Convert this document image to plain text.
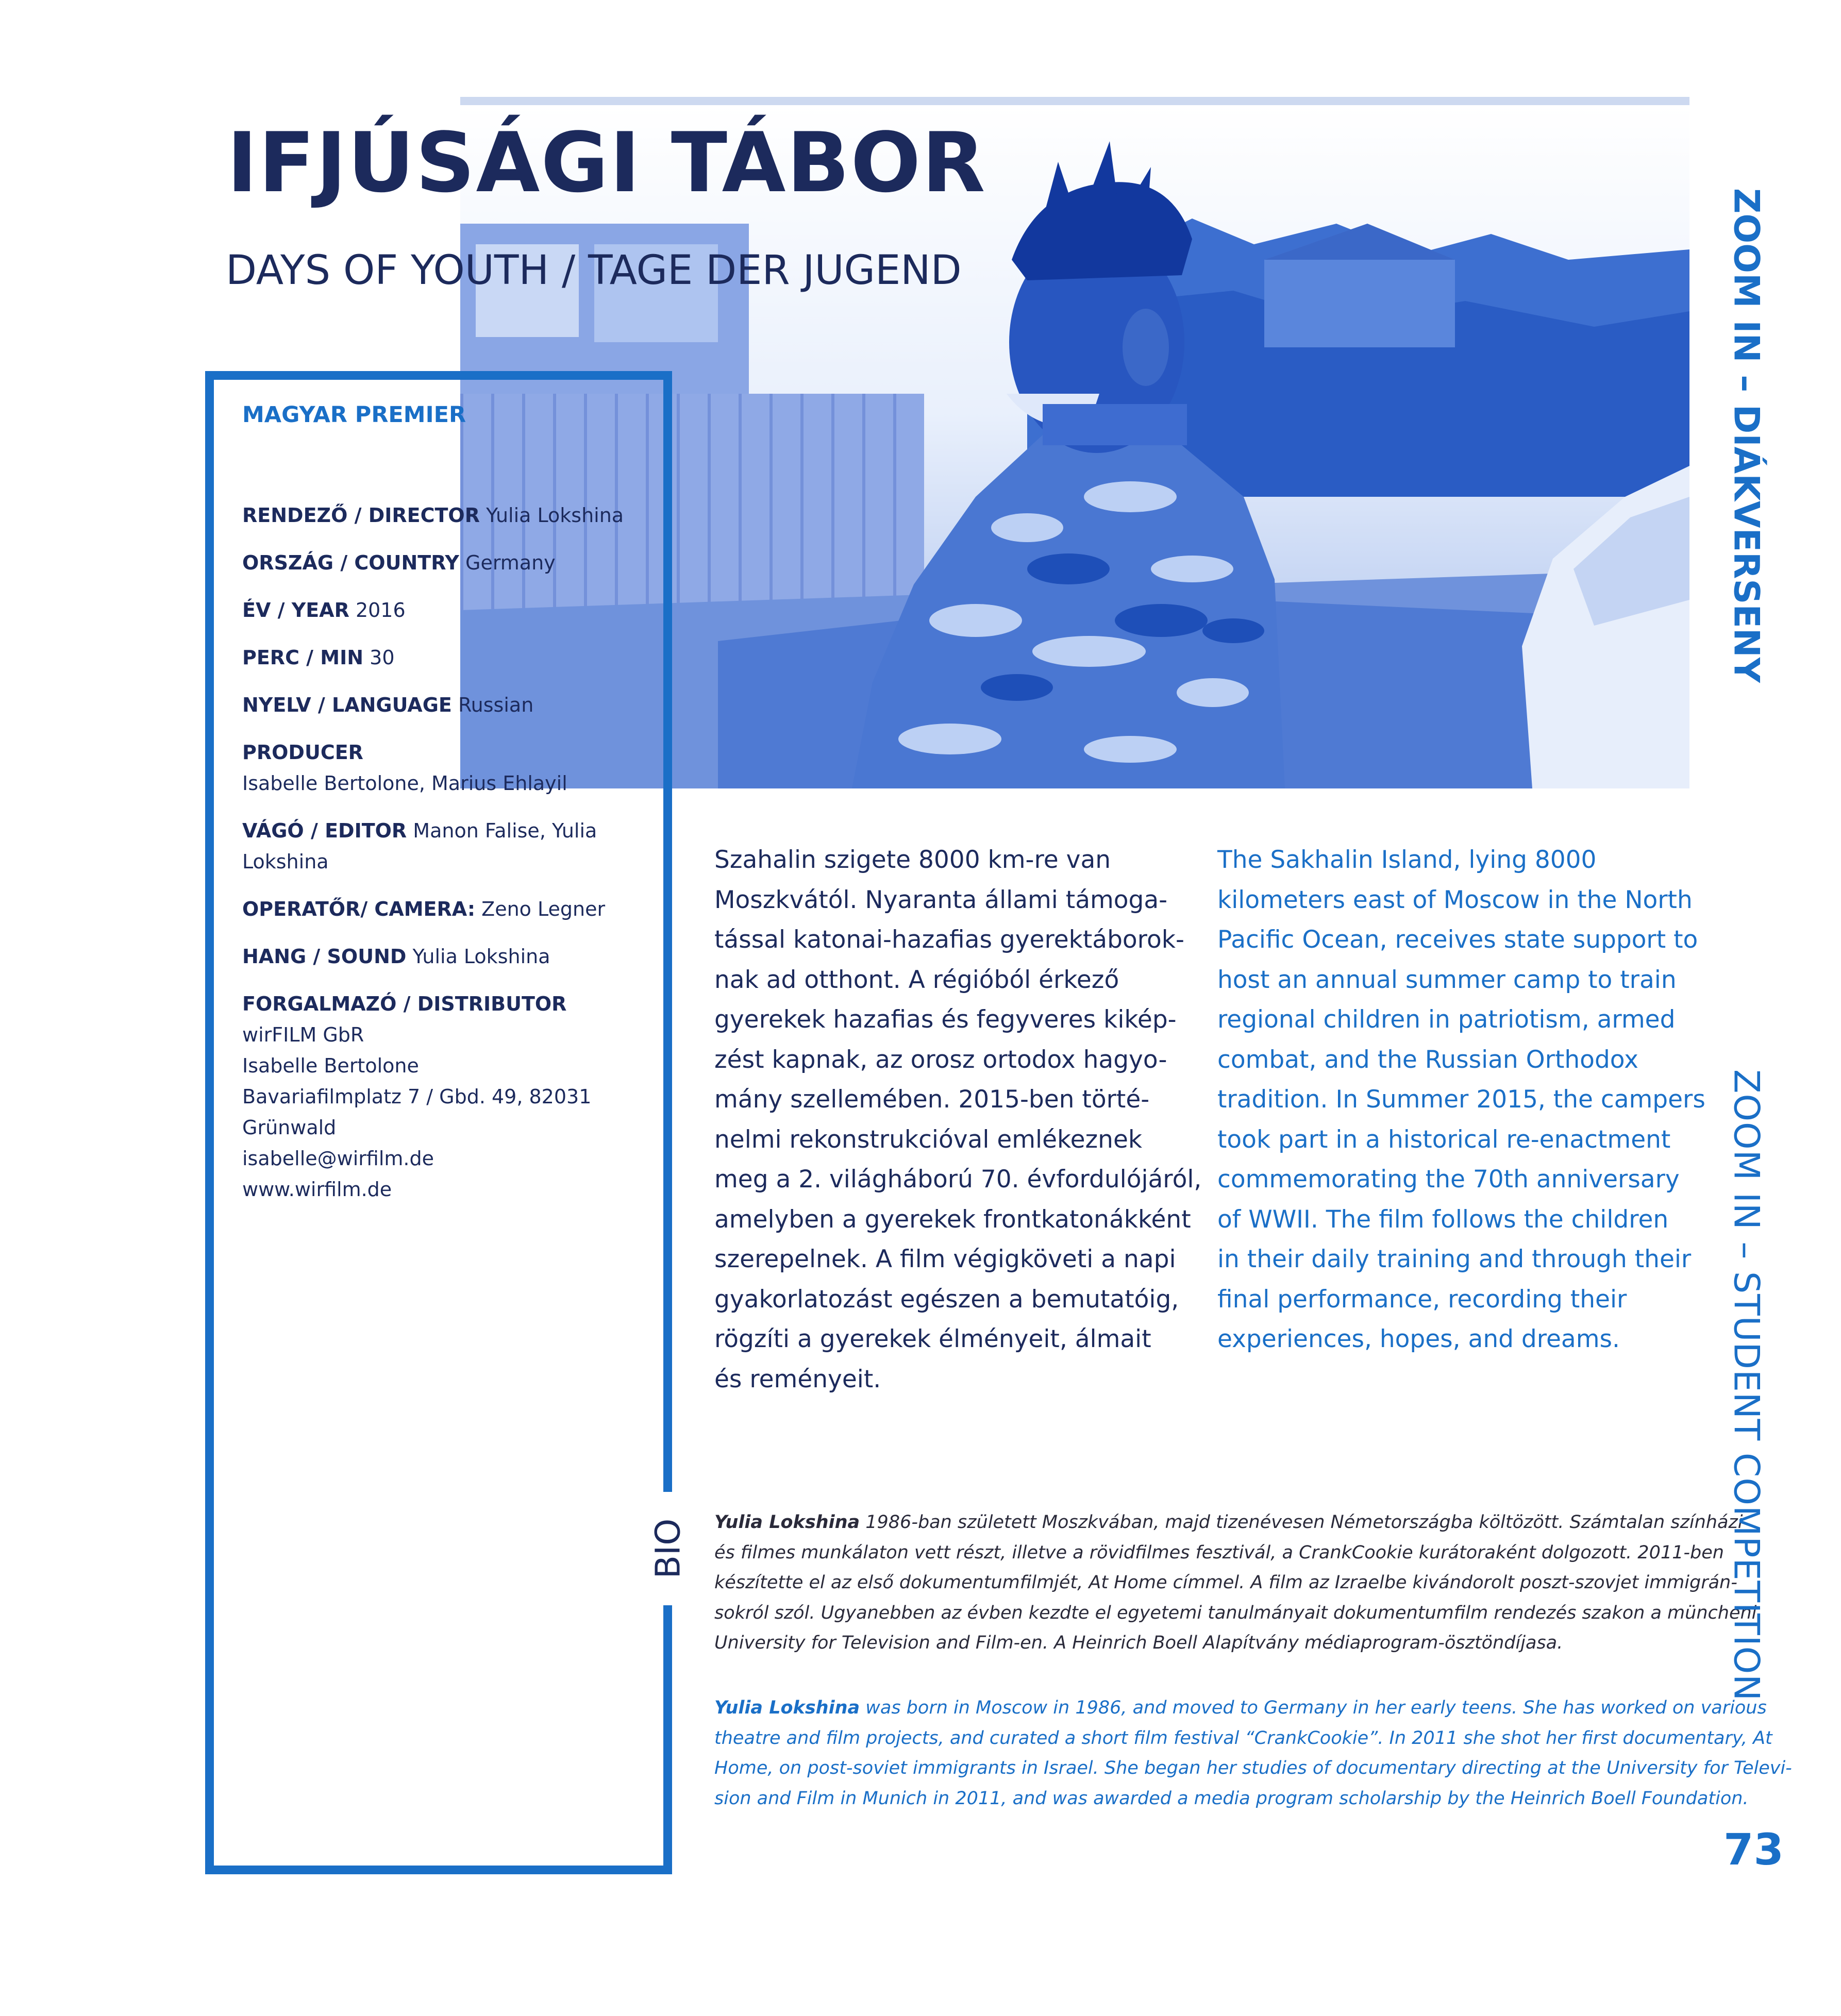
IFJÚSÁGI TÁBOR
DAYS OF YOUTH / TAGE DER JUGEND
BIO
MAGYAR PREMIER

RENDEZŐ / DIRECTOR Yulia Lokshina

ORSZÁG / COUNTRY Germany

ÉV / YEAR 2016

PERC / MIN 30

NYELV / LANGUAGE Russian

PRODUCER
Isabelle Bertolone, Marius Ehlayil

VÁGÓ / EDITOR Manon Falise, Yulia Lokshina

OPERATŐR/ CAMERA: Zeno Legner

HANG / SOUND Yulia Lokshina

FORGALMAZÓ / DISTRIBUTOR
wirFILM GbR
Isabelle Bertolone
Bavariafilmplatz 7 / Gbd. 49, 82031
Grünwald
isabelle@wirfilm.de
www.wirfilm.de

Szahalin szigete 8000 km-re van
Moszkvától. Nyaranta állami támoga-
tással katonai-hazafias gyerektáborok-
nak ad otthont. A régióból érkező
gyerekek hazafias és fegyveres kikép-
zést kapnak, az orosz ortodox hagyo-
mány szellemében. 2015-ben törté-
nelmi rekonstrukcióval emlékeznek
meg a 2. világháború 70. évfordulójáról,
amelyben a gyerekek frontkatonákként
szerepelnek. A film végigköveti a napi
gyakorlatozást egészen a bemutatóig,
rögzíti a gyerekek élményeit, álmait
és reményeit.
The Sakhalin Island, lying 8000
kilometers east of Moscow in the North
Pacific Ocean, receives state support to
host an annual summer camp to train
regional children in patriotism, armed
combat, and the Russian Orthodox
tradition. In Summer 2015, the campers
took part in a historical re-enactment
commemorating the 70th anniversary
of WWII. The film follows the children
in their daily training and through their
final performance, recording their
experiences, hopes, and dreams.
Yulia Lokshina 1986-ban született Moszkvában, majd tizenévesen Németországba költözött. Számtalan színházi
és filmes munkálaton vett részt, illetve a rövidfilmes fesztivál, a CrankCookie kurátoraként dolgozott. 2011-ben
készítette el az első dokumentumfilmjét, At Home címmel. A film az Izraelbe kivándorolt poszt-szovjet immigrán-
sokról szól. Ugyanebben az évben kezdte el egyetemi tanulmányait dokumentumfilm rendezés szakon a müncheni
University for Television and Film-en. A Heinrich Boell Alapítvány médiaprogram-ösztöndíjasa.
Yulia Lokshina was born in Moscow in 1986, and moved to Germany in her early teens. She has worked on various
theatre and film projects, and curated a short film festival “CrankCookie”. In 2011 she shot her first documentary, At
Home, on post-soviet immigrants in Israel. She began her studies of documentary directing at the University for Televi-
sion and Film in Munich in 2011, and was awarded a media program scholarship by the Heinrich Boell Foundation.
ZOOM IN – DIÁKVERSENY
ZOOM IN – STUDENT COMPETITION
73
